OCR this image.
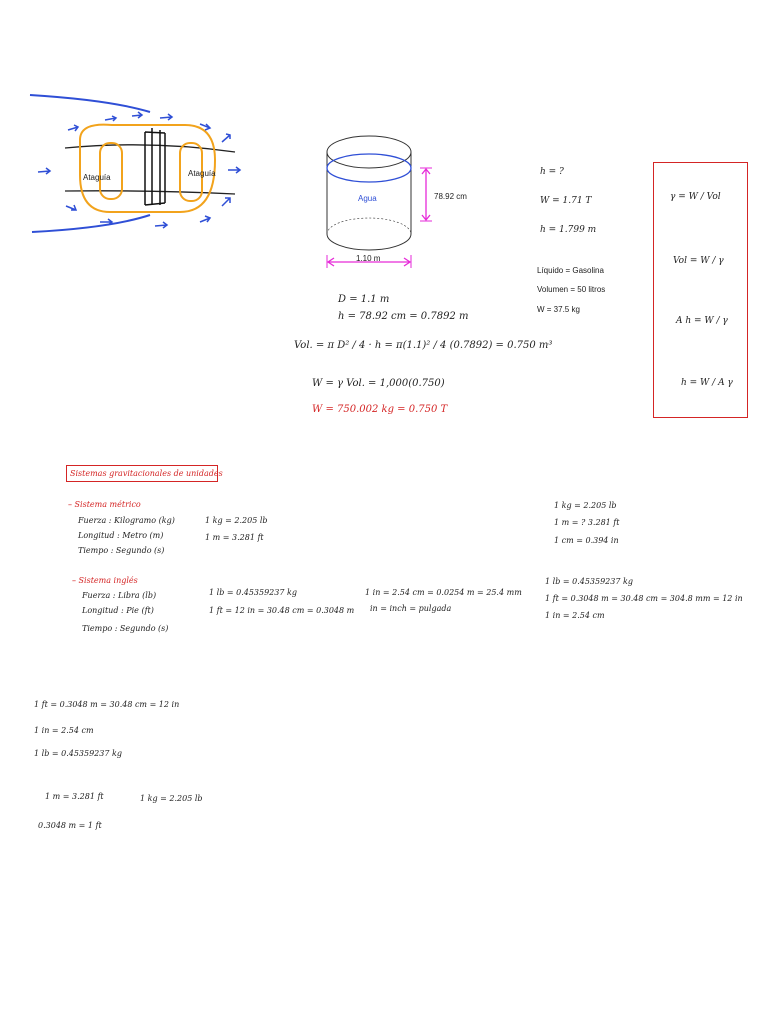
Ataguía	Ataguía
Agua	78.92 cm
1.10 m
D = 1.1 m
h = 78.92 cm = 0.7892 m
Vol. = π D² / 4 · h = π(1.1)² / 4 (0.7892) = 0.750 m³
W = γ Vol. = 1,000(0.750)
W = 750.002 kg = 0.750 T
h = ?
W = 1.71 T
h = 1.799 m
Líquido = Gasolina
Volumen = 50 litros
W = 37.5 kg
γ = W / Vol
Vol = W / γ
A h = W / γ
h = W / A γ
Sistemas gravitacionales de unidades
– Sistema métrico
Fuerza : Kilogramo (kg)
Longitud : Metro (m)
Tiempo : Segundo (s)
1 kg = 2.205 lb
1 m = 3.281 ft
1 kg = 2.205 lb
1 m = ? 3.281 ft
1 cm = 0.394 in
– Sistema inglés
Fuerza : Libra (lb)
Longitud : Pie (ft)
Tiempo : Segundo (s)
1 lb = 0.45359237 kg
1 ft = 12 in = 30.48 cm = 0.3048 m
1 in = 2.54 cm = 0.0254 m = 25.4 mm
in = inch = pulgada
1 lb = 0.45359237 kg
1 ft = 0.3048 m = 30.48 cm = 304.8 mm = 12 in
1 in = 2.54 cm
1 ft = 0.3048 m = 30.48 cm = 12 in
1 in = 2.54 cm
1 lb = 0.45359237 kg
1 m = 3.281 ft	1 kg = 2.205 lb
0.3048 m = 1 ft
